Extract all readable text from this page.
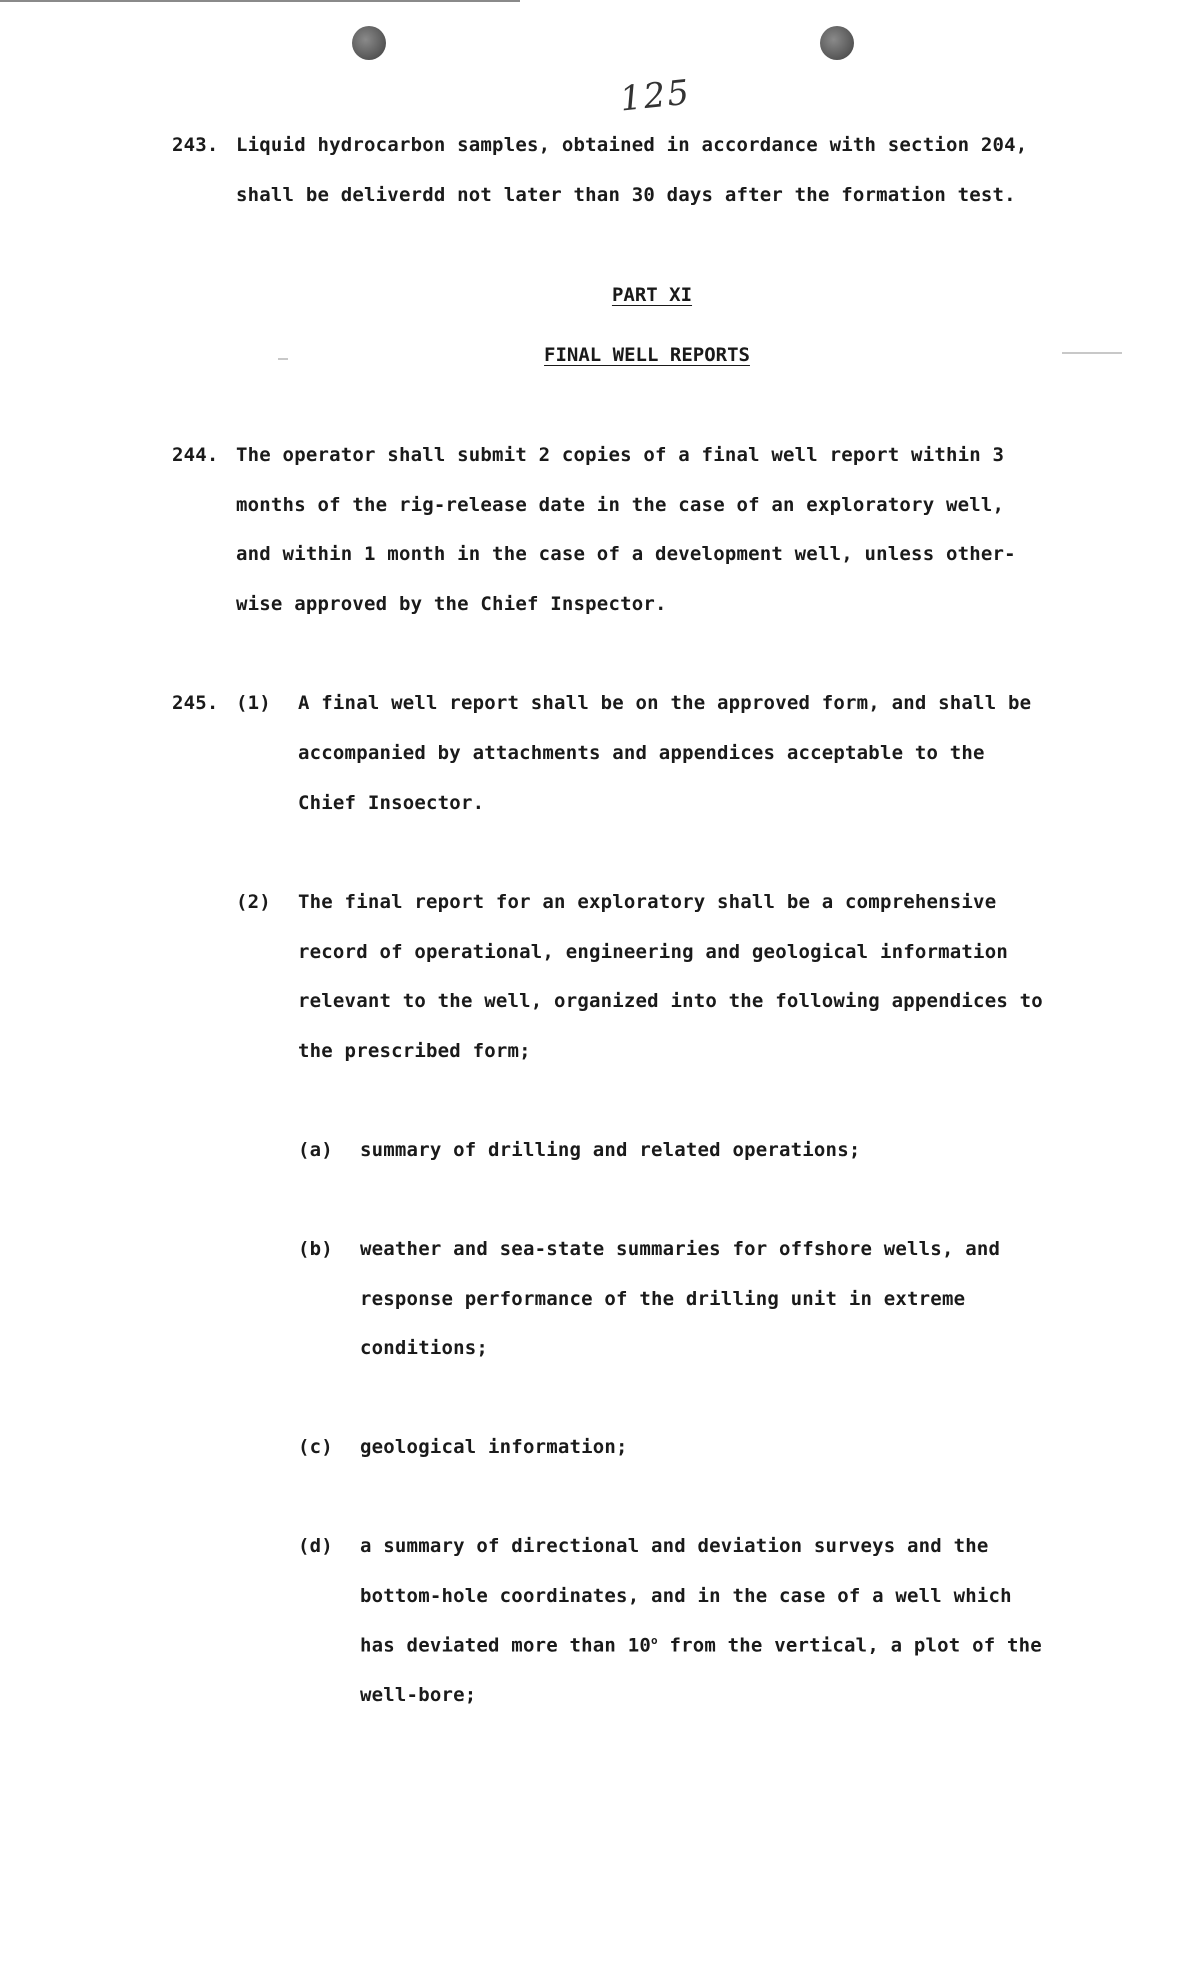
125
243. Liquid hydrocarbon samples, obtained in accordance with section 204,
shall be deliverdd not later than 30 days after the formation test.
PART XI
FINAL WELL REPORTS
244. The operator shall submit 2 copies of a final well report within 3
months of the rig-release date in the case of an exploratory well,
and within 1 month in the case of a development well, unless other-
wise approved by the Chief Inspector.
245. (1) A final well report shall be on the approved form, and shall be
accompanied by attachments and appendices acceptable to the
Chief Insoector.
(2) The final report for an exploratory shall be a comprehensive
record of operational, engineering and geological information
relevant to the well, organized into the following appendices to
the prescribed form;
(a) summary of drilling and related operations;
(b) weather and sea-state summaries for offshore wells, and
response performance of the drilling unit in extreme
conditions;
(c) geological information;
(d) a summary of directional and deviation surveys and the
bottom-hole coordinates, and in the case of a well which
has deviated more than 10$^o$ from the vertical, a plot of the
well-bore;
